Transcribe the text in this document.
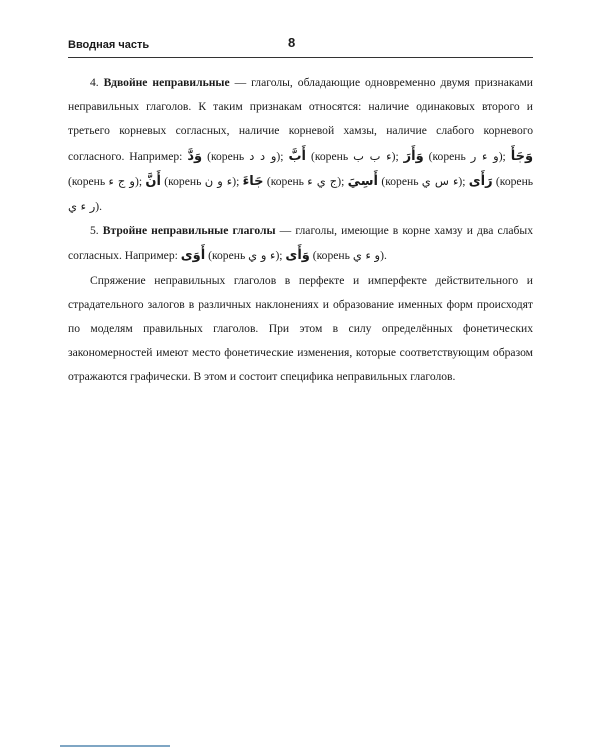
Вводная часть	8

4. Вдвойне неправильные — глаголы, обладающие одновременно двумя признаками неправильных глаголов. К таким признакам относятся: наличие одинаковых второго и третьего корневых согласных, наличие корневой хамзы, наличие слабого корневого согласного. Например: وَدَّ (корень و د د); أَبَّ (корень ء ب ب); وَأَرَ (корень و ء ر); وَجَأَ (корень و ج ء); أَنَّ (корень ء و ن); جَاءَ (корень ج ي ء); أَسِيَ (корень ء س ي); رَأَى (корень ر ء ي).

5. Втройне неправильные глаголы — глаголы, имеющие в корне хамзу и два слабых согласных. Например: أَوَى (корень ء و ي); وَأَى (корень و ء ي).

Спряжение неправильных глаголов в перфекте и имперфекте действительного и страдательного залогов в различных наклонениях и образование именных форм происходят по моделям правильных глаголов. При этом в силу определённых фонетических закономерностей имеют место фонетические изменения, которые соответствующим образом отражаются графически. В этом и состоит специфика неправильных глаголов.
